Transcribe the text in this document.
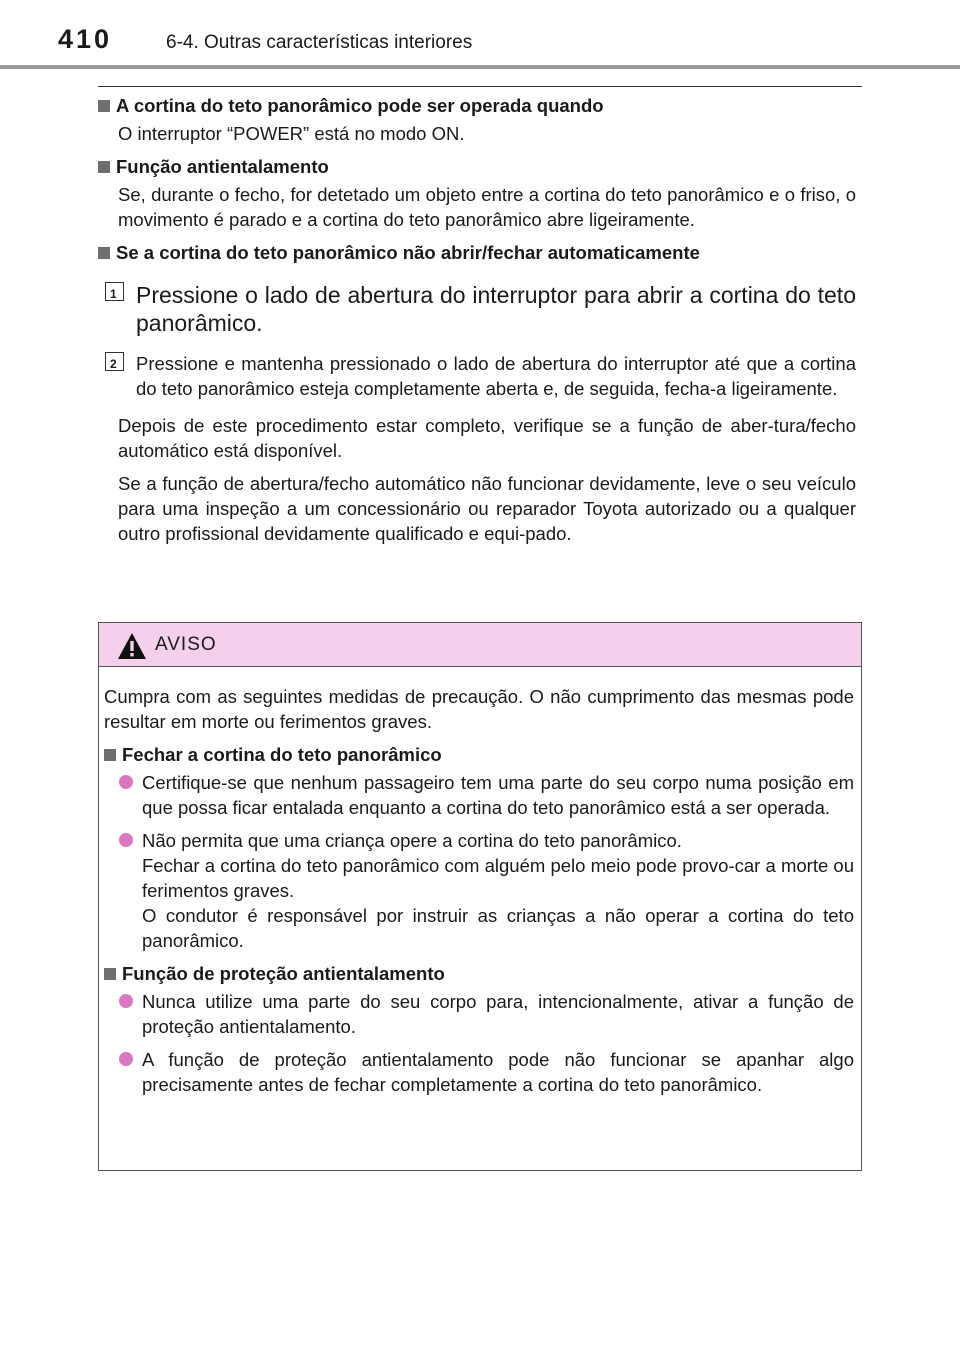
410	6-4. Outras características interiores
A cortina do teto panorâmico pode ser operada quando
O interruptor “POWER” está no modo ON.
Função antientalamento
Se, durante o fecho, for detetado um objeto entre a cortina do teto panorâmico e o friso, o movimento é parado e a cortina do teto panorâmico abre ligeiramente.
Se a cortina do teto panorâmico não abrir/fechar automaticamente
1 Pressione o lado de abertura do interruptor para abrir a cortina do teto panorâmico.
2	Pressione e mantenha pressionado o lado de abertura do interruptor até que a cortina do teto panorâmico esteja completamente aberta e, de seguida, fecha-a ligeiramente.
Depois de este procedimento estar completo, verifique se a função de aber-tura/fecho automático está disponível.
Se a função de abertura/fecho automático não funcionar devidamente, leve o seu veículo para uma inspeção a um concessionário ou reparador Toyota autorizado ou a qualquer outro profissional devidamente qualificado e equi-pado.
AVISO
Cumpra com as seguintes medidas de precaução. O não cumprimento das mesmas pode resultar em morte ou ferimentos graves.
Fechar a cortina do teto panorâmico
Certifique-se que nenhum passageiro tem uma parte do seu corpo numa posição em que possa ficar entalada enquanto a cortina do teto panorâmico está a ser operada.
Não permita que uma criança opere a cortina do teto panorâmico.
Fechar a cortina do teto panorâmico com alguém pelo meio pode provo-car a morte ou ferimentos graves.
O condutor é responsável por instruir as crianças a não operar a cortina do teto panorâmico.
Função de proteção antientalamento
Nunca utilize uma parte do seu corpo para, intencionalmente, ativar a função de proteção antientalamento.
A função de proteção antientalamento pode não funcionar se apanhar algo precisamente antes de fechar completamente a cortina do teto panorâmico.
